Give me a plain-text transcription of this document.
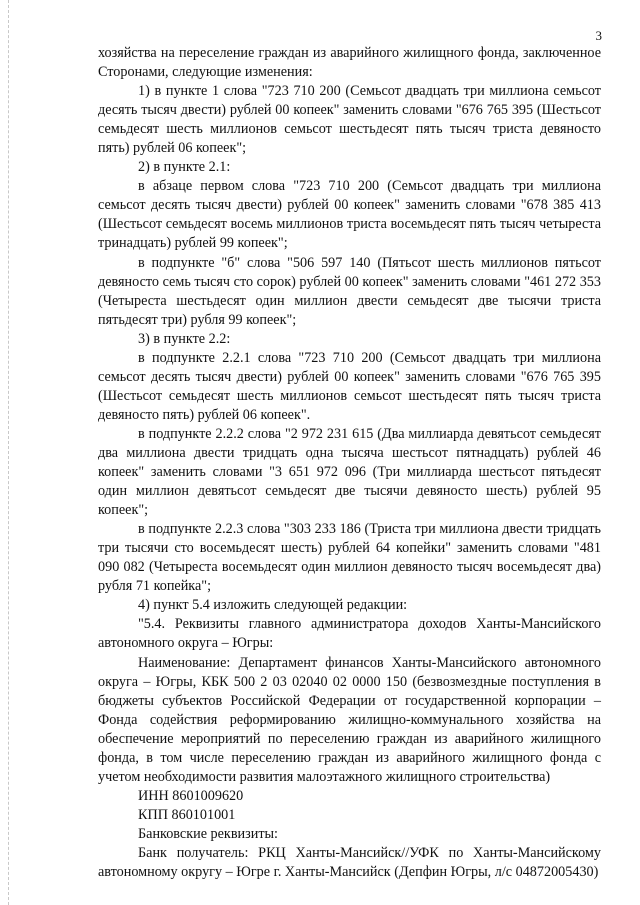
3

хозяйства на переселение граждан из аварийного жилищного фонда, заключенное Сторонами, следующие изменения:

1) в пункте 1 слова "723 710 200 (Семьсот двадцать три миллиона семьсот десять тысяч двести) рублей 00 копеек" заменить словами "676 765 395 (Шестьсот семьдесят шесть миллионов семьсот шестьдесят пять тысяч триста девяносто пять) рублей 06 копеек";

2) в пункте 2.1:

в абзаце первом слова "723 710 200 (Семьсот двадцать три миллиона семьсот десять тысяч двести) рублей 00 копеек" заменить словами "678 385 413 (Шестьсот семьдесят восемь миллионов триста восемьдесят пять тысяч четыреста тринадцать) рублей 99 копеек";

в подпункте "б" слова "506 597 140 (Пятьсот шесть миллионов пятьсот девяносто семь тысяч сто сорок) рублей 00 копеек" заменить словами "461 272 353 (Четыреста шестьдесят один миллион двести семьдесят две тысячи триста пятьдесят три) рубля 99 копеек";

3) в пункте 2.2:

в подпункте 2.2.1 слова "723 710 200 (Семьсот двадцать три миллиона семьсот десять тысяч двести) рублей 00 копеек" заменить словами "676 765 395 (Шестьсот семьдесят шесть миллионов семьсот шестьдесят пять тысяч триста девяносто пять) рублей 06 копеек".

в подпункте 2.2.2 слова "2 972 231 615 (Два миллиарда девятьсот семьдесят два миллиона двести тридцать одна тысяча шестьсот пятнадцать) рублей 46 копеек" заменить словами "3 651 972 096 (Три миллиарда шестьсот пятьдесят один миллион девятьсот семьдесят две тысячи девяносто шесть) рублей 95 копеек";

в подпункте 2.2.3 слова "303 233 186 (Триста три миллиона двести тридцать три тысячи сто восемьдесят шесть) рублей 64 копейки" заменить словами "481 090 082 (Четыреста восемьдесят один миллион девяносто тысяч восемьдесят два) рубля 71 копейка";

4) пункт 5.4 изложить следующей редакции:

"5.4. Реквизиты главного администратора доходов Ханты-Мансийского автономного округа – Югры:

Наименование: Департамент финансов Ханты-Мансийского автономного округа – Югры, КБК 500 2 03 02040 02 0000 150 (безвозмездные поступления в бюджеты субъектов Российской Федерации от государственной корпорации – Фонда содействия реформированию жилищно-коммунального хозяйства на обеспечение мероприятий по переселению граждан из аварийного жилищного фонда, в том числе переселению граждан из аварийного жилищного фонда с учетом необходимости развития малоэтажного жилищного строительства)

ИНН 8601009620

КПП 860101001

Банковские реквизиты:

Банк получатель: РКЦ Ханты-Мансийск//УФК по Ханты-Мансийскому автономному округу – Югре г. Ханты-Мансийск (Депфин Югры, л/с 04872005430)
